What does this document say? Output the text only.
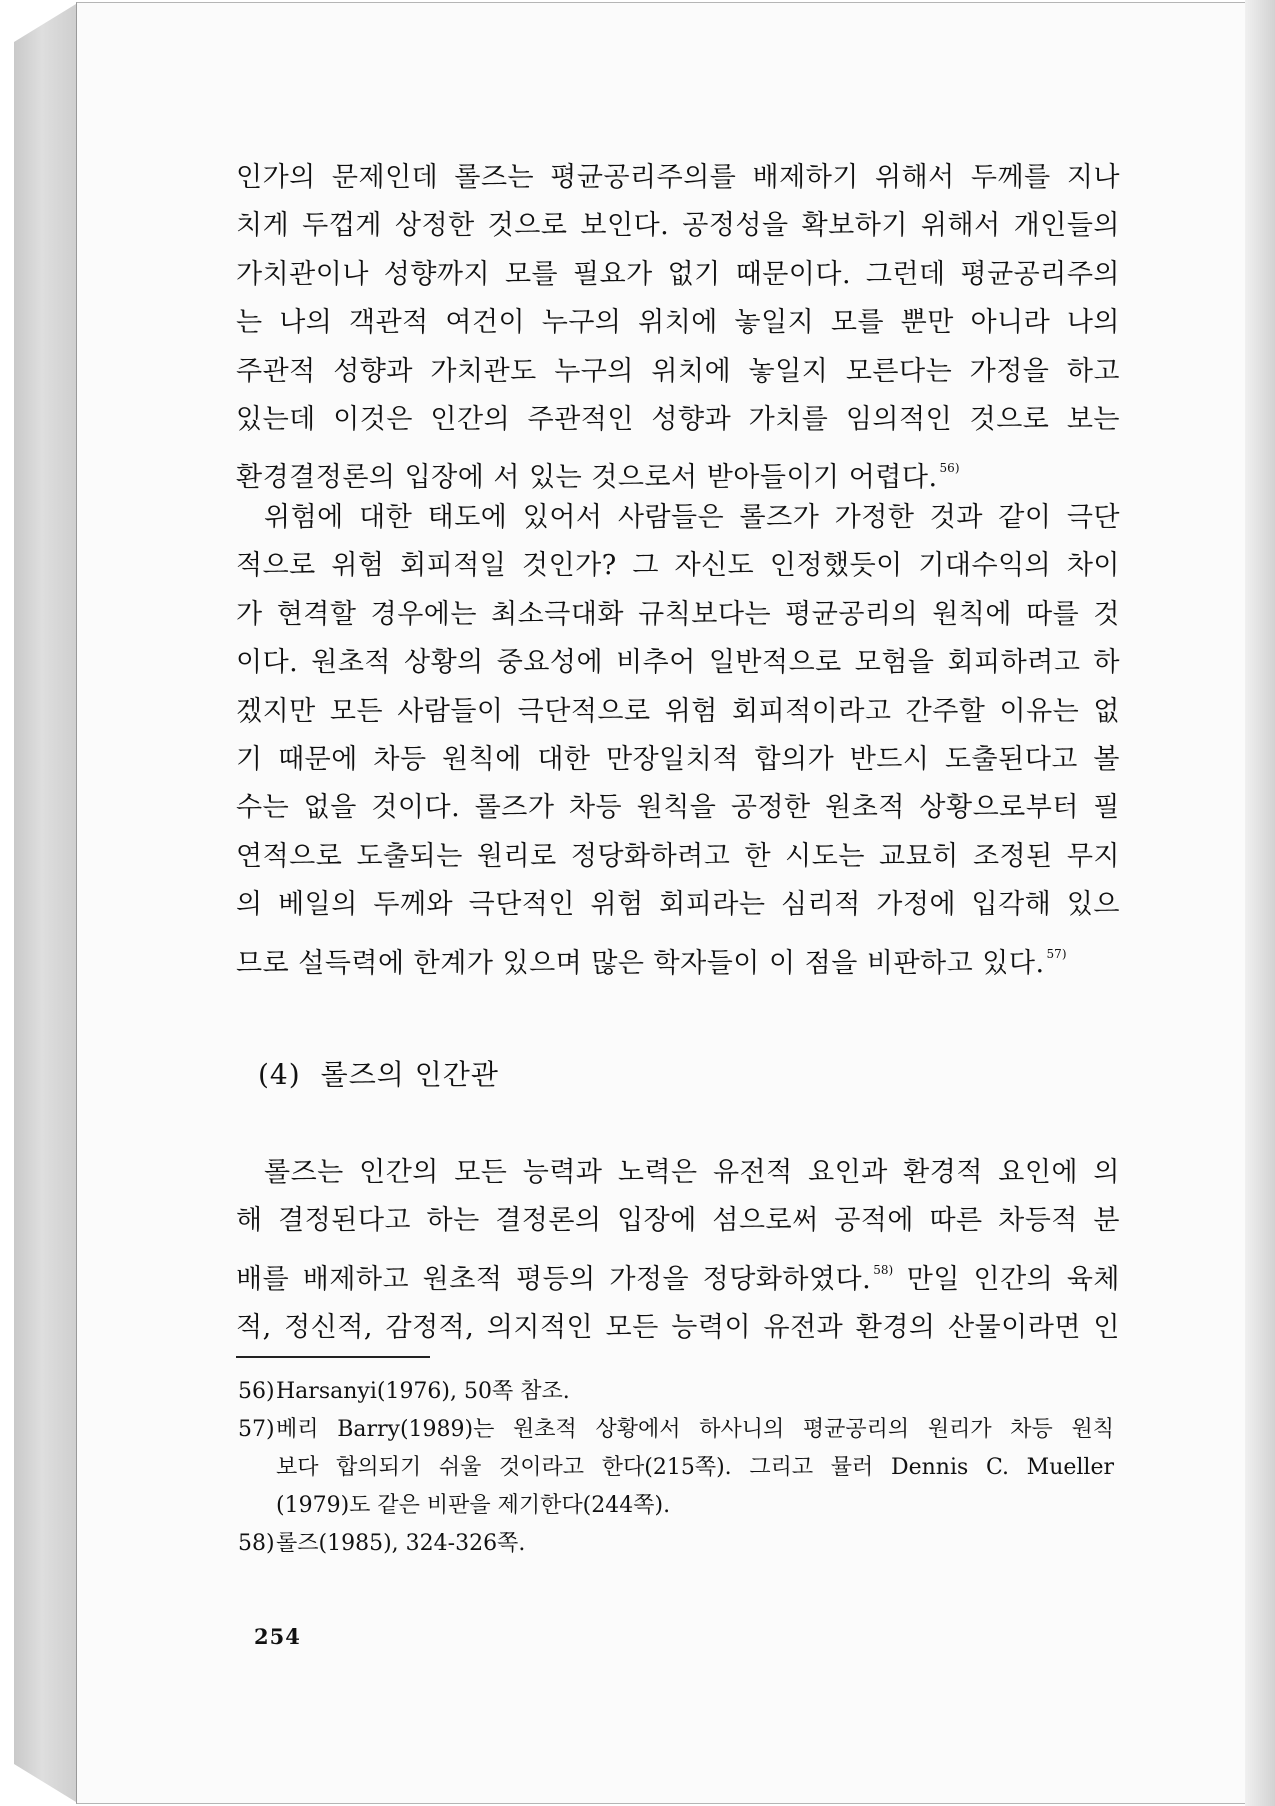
인가의 문제인데 롤즈는 평균공리주의를 배제하기 위해서 두께를 지나
치게 두껍게 상정한 것으로 보인다. 공정성을 확보하기 위해서 개인들의
가치관이나 성향까지 모를 필요가 없기 때문이다. 그런데 평균공리주의
는 나의 객관적 여건이 누구의 위치에 놓일지 모를 뿐만 아니라 나의
주관적 성향과 가치관도 누구의 위치에 놓일지 모른다는 가정을 하고
있는데 이것은 인간의 주관적인 성향과 가치를 임의적인 것으로 보는
환경결정론의 입장에 서 있는 것으로서 받아들이기 어렵다. $^{56)}$
위험에 대한 태도에 있어서 사람들은 롤즈가 가정한 것과 같이 극단
적으로 위험 회피적일 것인가? 그 자신도 인정했듯이 기대수익의 차이
가 현격할 경우에는 최소극대화 규칙보다는 평균공리의 원칙에 따를 것
이다. 원초적 상황의 중요성에 비추어 일반적으로 모험을 회피하려고 하
겠지만 모든 사람들이 극단적으로 위험 회피적이라고 간주할 이유는 없
기 때문에 차등 원칙에 대한 만장일치적 합의가 반드시 도출된다고 볼
수는 없을 것이다. 롤즈가 차등 원칙을 공정한 원초적 상황으로부터 필
연적으로 도출되는 원리로 정당화하려고 한 시도는 교묘히 조정된 무지
의 베일의 두께와 극단적인 위험 회피라는 심리적 가정에 입각해 있으
므로 설득력에 한계가 있으며 많은 학자들이 이 점을 비판하고 있다. $^{57)}$
(4) 롤즈의 인간관
롤즈는 인간의 모든 능력과 노력은 유전적 요인과 환경적 요인에 의
해 결정된다고 하는 결정론의 입장에 섬으로써 공적에 따른 차등적 분
배를 배제하고 원초적 평등의 가정을 정당화하였다. $^{58)}$ 만일 인간의 육체
적, 정신적, 감정적, 의지적인 모든 능력이 유전과 환경의 산물이라면 인
56) Harsanyi(1976), 50쪽 참조.
57) 베리 Barry(1989)는 원초적 상황에서 하사니의 평균공리의 원리가 차등 원칙
보다 합의되기 쉬울 것이라고 한다(215쪽). 그리고 뮬러 Dennis C. Mueller
(1979)도 같은 비판을 제기한다(244쪽).
58) 롤즈(1985), 324-326쪽.
254
